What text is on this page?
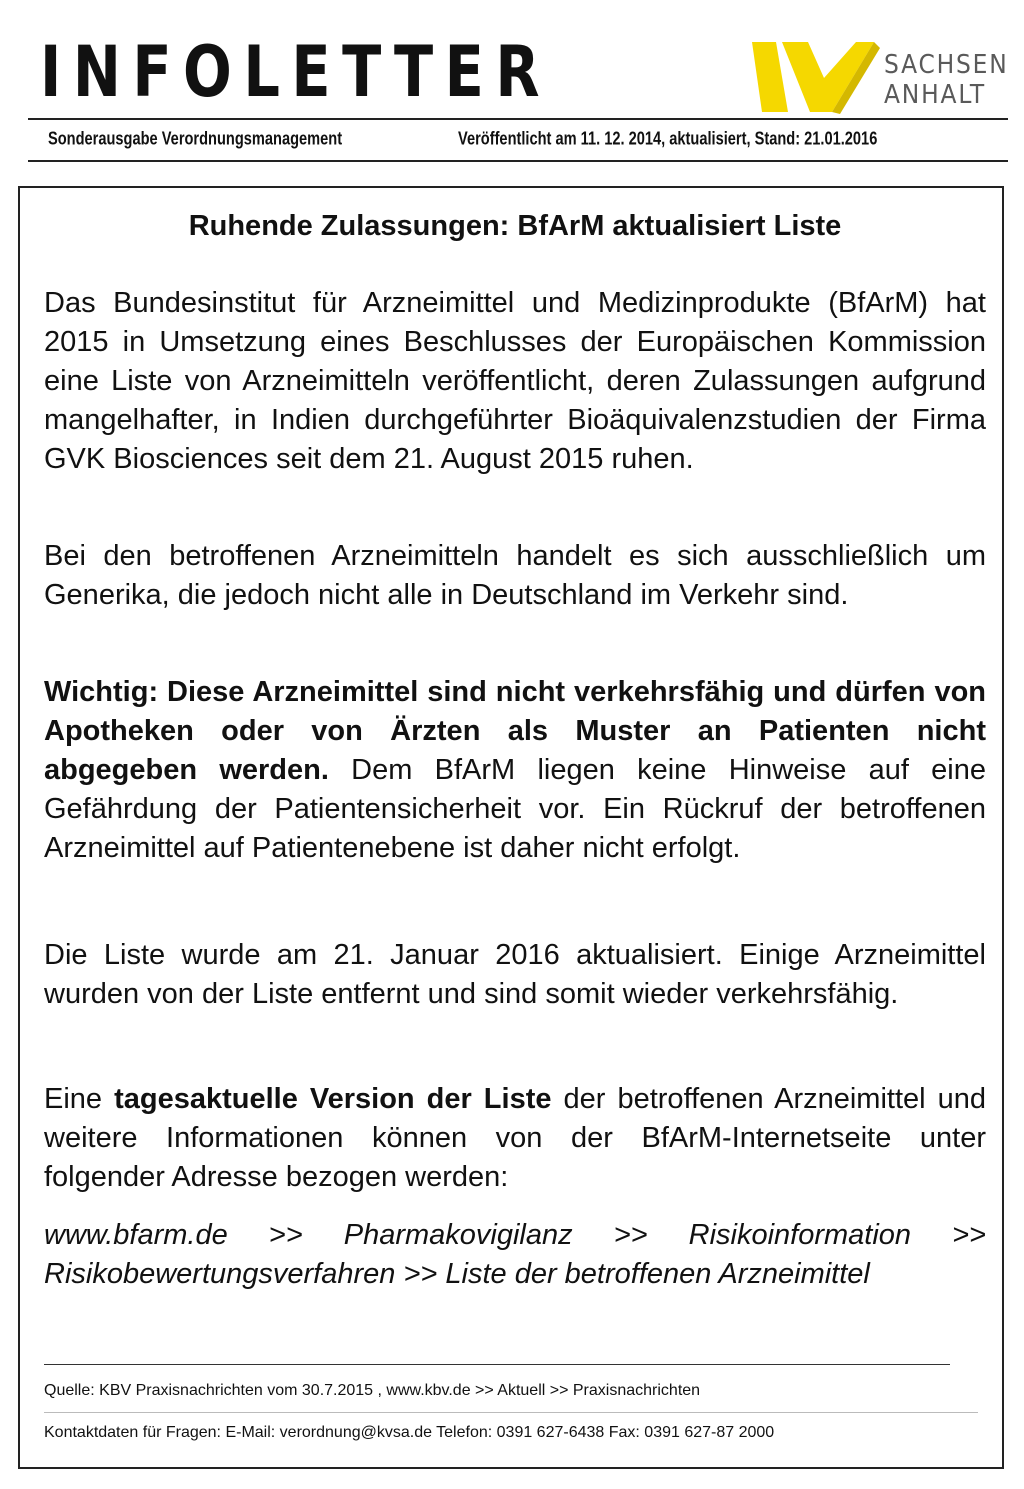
INFOLETTER	SACHSEN
ANHALT
Sonderausgabe Verordnungsmanagement	Veröffentlicht am 11. 12. 2014, aktualisiert, Stand: 21.01.2016
Ruhende Zulassungen: BfArM aktualisiert Liste

Das Bundesinstitut für Arzneimittel und Medizinprodukte (BfArM) hat 2015 in Umsetzung eines Beschlusses der Europäischen Kommission eine Liste von Arzneimitteln veröffentlicht, deren Zulassungen aufgrund mangelhafter, in Indien durchgeführter Bioäquivalenzstudien der Firma GVK Biosciences seit dem 21. August 2015 ruhen.

Bei den betroffenen Arzneimitteln handelt es sich ausschließlich um Generika, die jedoch nicht alle in Deutschland im Verkehr sind.

Wichtig: Diese Arzneimittel sind nicht verkehrsfähig und dürfen von Apotheken oder von Ärzten als Muster an Patienten nicht abgegeben werden. Dem BfArM liegen keine Hinweise auf eine Gefährdung der Patientensicherheit vor. Ein Rückruf der betroffenen Arzneimittel auf Patientenebene ist daher nicht erfolgt.

Die Liste wurde am 21. Januar 2016 aktualisiert. Einige Arzneimittel wurden von der Liste entfernt und sind somit wieder verkehrsfähig.

Eine tagesaktuelle Version der Liste der betroffenen Arzneimittel und weitere Informationen können von der BfArM-Internetseite unter folgender Adresse bezogen werden:

www.bfarm.de >> Pharmakovigilanz >> Risikoinformation >> Risikobewertungsverfahren >> Liste der betroffenen Arzneimittel

Quelle: KBV Praxisnachrichten vom 30.7.2015 , www.kbv.de >> Aktuell >> Praxisnachrichten
Kontaktdaten für Fragen: E-Mail: verordnung@kvsa.de Telefon: 0391 627-6438 Fax: 0391 627-87 2000
